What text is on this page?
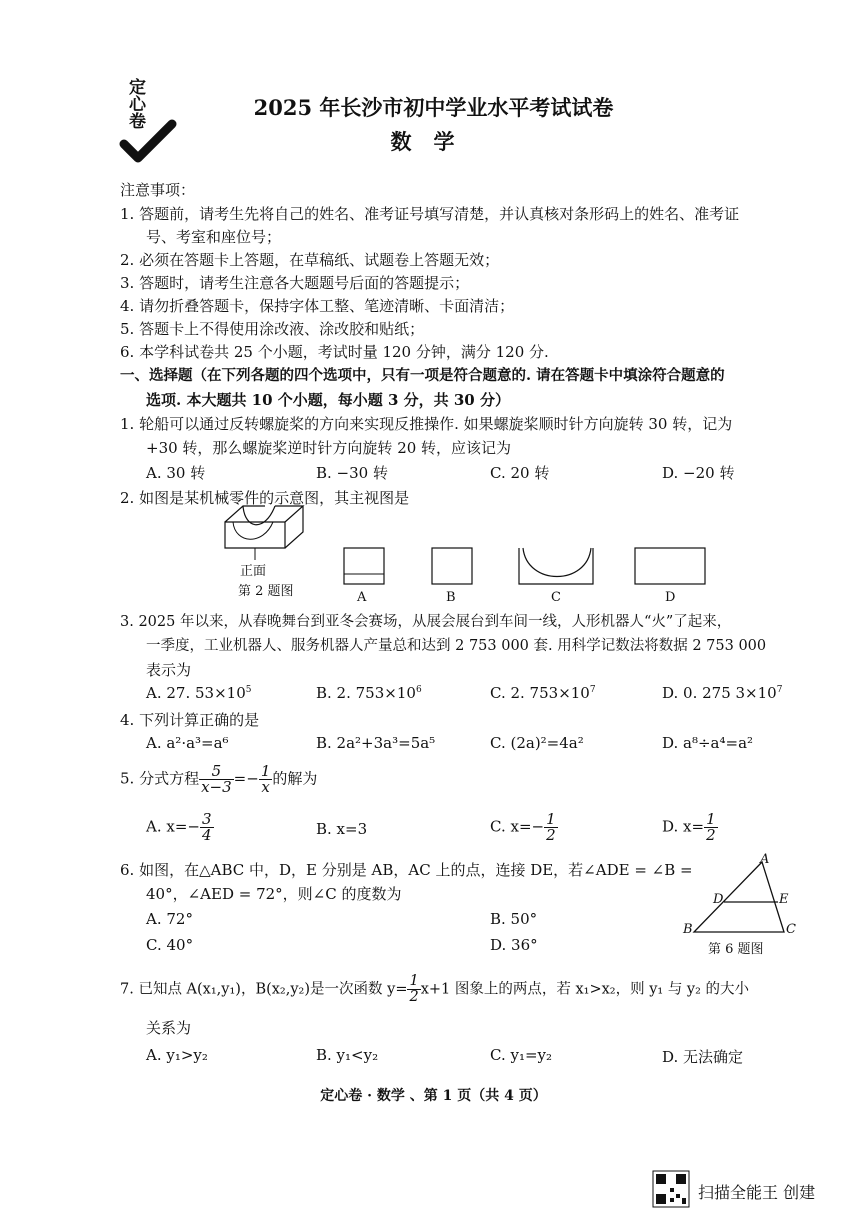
定心卷	2025 年长沙市初中学业水平考试试卷
数学
注意事项：
1. 答题前，请考生先将自己的姓名、准考证号填写清楚，并认真核对条形码上的姓名、准考证
号、考室和座位号；
2. 必须在答题卡上答题，在草稿纸、试题卷上答题无效；
3. 答题时，请考生注意各大题题号后面的答题提示；
4. 请勿折叠答题卡，保持字体工整、笔迹清晰、卡面清洁；
5. 答题卡上不得使用涂改液、涂改胶和贴纸；
6. 本学科试卷共 25 个小题，考试时量 120 分钟，满分 120 分.
一、选择题（在下列各题的四个选项中，只有一项是符合题意的. 请在答题卡中填涂符合题意的
选项. 本大题共 10 个小题，每小题 3 分，共 30 分）
1. 轮船可以通过反转螺旋桨的方向来实现反推操作. 如果螺旋桨顺时针方向旋转 30 转，记为
+30 转，那么螺旋桨逆时针方向旋转 20 转，应该记为
A. 30 转	B. −30 转	C. 20 转	D. −20 转
2. 如图是某机械零件的示意图，其主视图是
正面
第 2 题图	A	B	C	D
3. 2025 年以来，从春晚舞台到亚冬会赛场，从展会展台到车间一线，人形机器人“火”了起来，
一季度，工业机器人、服务机器人产量总和达到 2 753 000 套. 用科学记数法将数据 2 753 000
表示为
A. 27. $53\times 10^5$	B. 2. $753\times 10^6$	C. 2. $753\times 10^7$	D. 0. 275 $3\times 10^7$
4. 下列计算正确的是
A. a²·a³=a⁶	B. 2a²+3a³=5a⁵	C. (2a)²=4a²	D. a⁸÷a⁴=a²
5. 分式方程 $\frac{5}{x-3} =- \frac{1}{x}$ 的解为
A. $x=- \frac{3}{4}$	B. x=3	C. $x=- \frac{1}{2}$	D. $x= \frac{1}{2}$
6. 如图，在△ABC 中，D，E 分别是 AB，AC 上的点，连接 DE，若∠ADE = ∠B =
40°，∠AED = 72°，则∠C 的度数为
A. 72°	B. 50°
C. 40°	D. 36°
A
D	E
B	C
第 6 题图
7. 已知点 A(x₁,y₁)，B(x₂,y₂)是一次函数 $y= \frac{1}{2} x+1$ 图象上的两点，若 x₁>x₂，则 y₁ 与 y₂ 的大小
关系为
A. y₁>y₂	B. y₁<y₂	C. y₁=y₂	D. 无法确定
定心卷 · 数学 、第 1 页（共 4 页）
扫描全能王 创建
